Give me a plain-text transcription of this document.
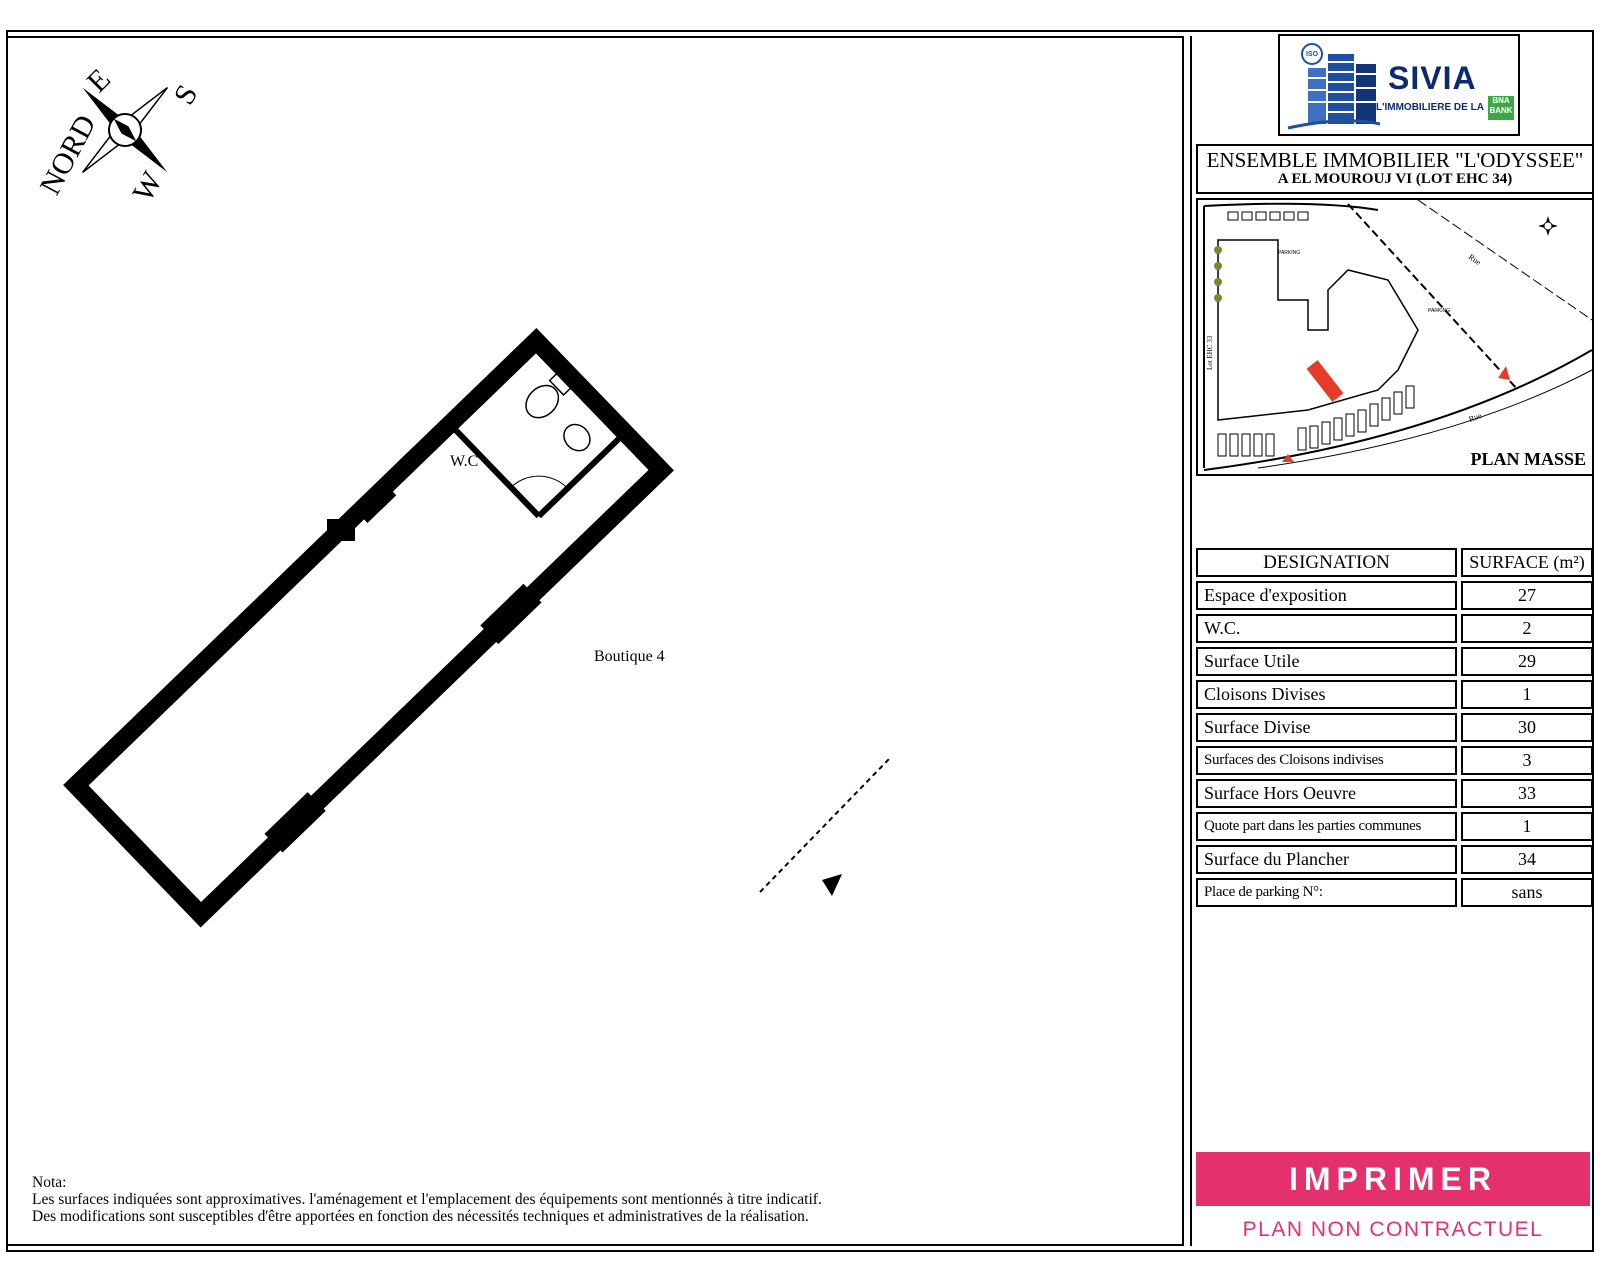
Boutique 4
W.C
NORD
E S
W
Nota:
Les surfaces indiquées sont approximatives. l'aménagement et l'emplacement des équipements sont mentionnés à titre indicatif.
Des modifications sont susceptibles d'être apportées en fonction des nécessités techniques et administratives de la réalisation.
ISO
SIVIA
L'IMMOBILIERE DE LA
BNA
BANK
ENSEMBLE IMMOBILIER "L'ODYSSEE"
A EL MOUROUJ VI (LOT EHC 34)
Rue
Rue
PARKING
PARKING
Lot EHC 33
PLAN MASSE
DESIGNATION	SURFACE (m²)
Espace d'exposition	27
W.C.	2
Surface Utile	29
Cloisons Divises	1
Surface Divise	30
Surfaces des Cloisons indivises	3
Surface Hors Oeuvre	33
Quote part dans les parties communes	1
Surface du Plancher	34
Place de parking N°:	sans
IMPRIMER
PLAN NON CONTRACTUEL
